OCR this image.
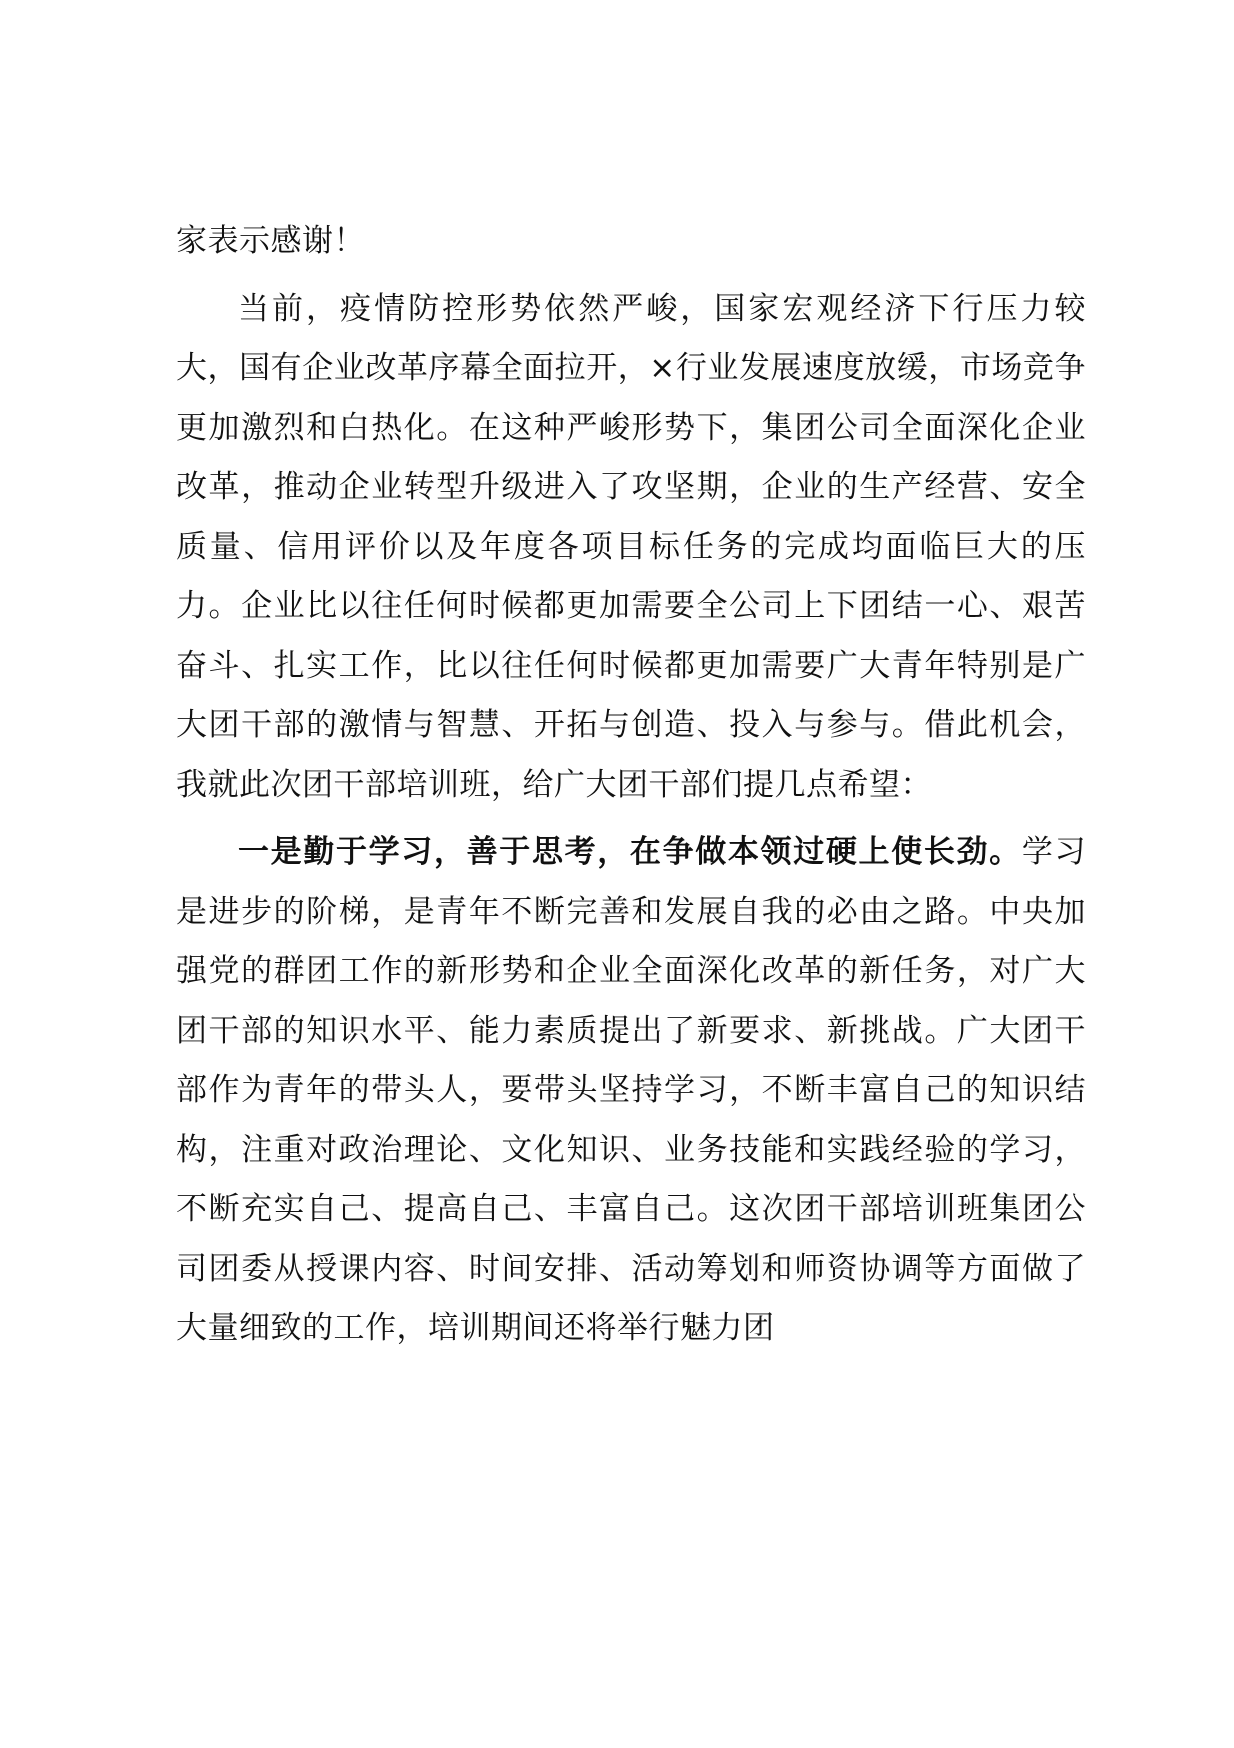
家表示感谢！

当前，疫情防控形势依然严峻，国家宏观经济下行压力较大，国有企业改革序幕全面拉开，×行业发展速度放缓，市场竞争更加激烈和白热化。在这种严峻形势下，集团公司全面深化企业改革，推动企业转型升级进入了攻坚期，企业的生产经营、安全质量、信用评价以及年度各项目标任务的完成均面临巨大的压力。企业比以往任何时候都更加需要全公司上下团结一心、艰苦奋斗、扎实工作，比以往任何时候都更加需要广大青年特别是广大团干部的激情与智慧、开拓与创造、投入与参与。借此机会，我就此次团干部培训班，给广大团干部们提几点希望：

一是勤于学习，善于思考，在争做本领过硬上使长劲。学习是进步的阶梯，是青年不断完善和发展自我的必由之路。中央加强党的群团工作的新形势和企业全面深化改革的新任务，对广大团干部的知识水平、能力素质提出了新要求、新挑战。广大团干部作为青年的带头人，要带头坚持学习，不断丰富自己的知识结构，注重对政治理论、文化知识、业务技能和实践经验的学习，不断充实自己、提高自己、丰富自己。这次团干部培训班集团公司团委从授课内容、时间安排、活动筹划和师资协调等方面做了大量细致的工作，培训期间还将举行魅力团
